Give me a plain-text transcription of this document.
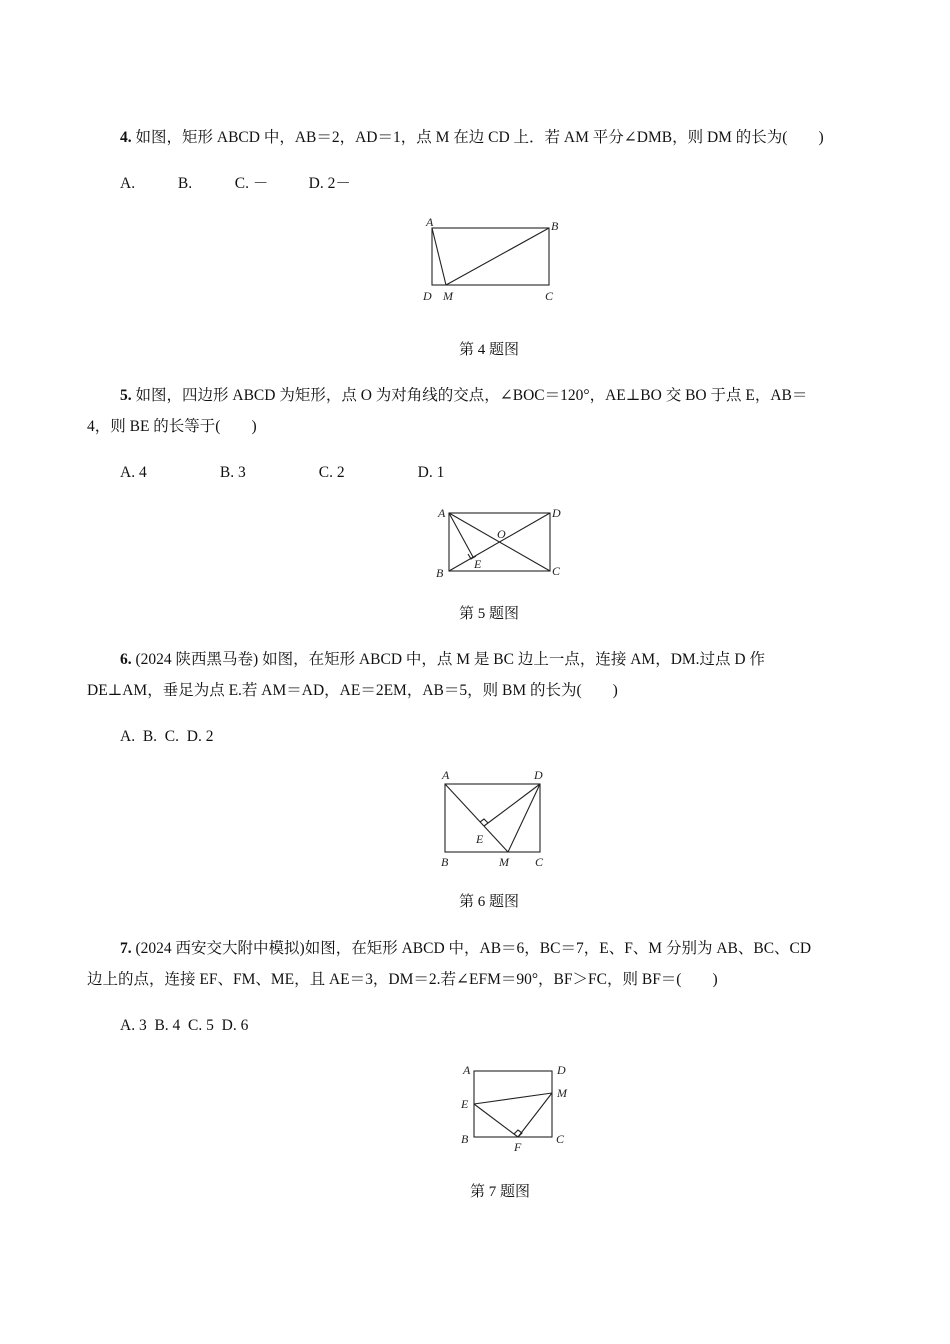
4. 如图，矩形 ABCD 中，AB＝2，AD＝1，点 M 在边 CD 上．若 AM 平分∠DMB，则 DM 的长为(　　)
A.	B.	C. －	D. 2－
A	B
C
D M
第 4 题图
5. 如图，四边形 ABCD 为矩形，点 O 为对角线的交点，∠BOC＝120°，AE⊥BO 交 BO 于点 E，AB＝
4，则 BE 的长等于(　　)
A. 4	B. 3	C. 2	D. 1
A	D
B	C
O
E
第 5 题图
6. (2024 陕西黑马卷) 如图，在矩形 ABCD 中，点 M 是 BC 边上一点，连接 AM，DM.过点 D 作
DE⊥AM，垂足为点 E.若 AM＝AD，AE＝2EM，AB＝5，则 BM 的长为(　　)
A.  B.  C.  D. 2
A	D
B	C
E
M
第 6 题图
7. (2024 西安交大附中模拟)如图，在矩形 ABCD 中，AB＝6，BC＝7，E、F、M 分别为 AB、BC、CD
边上的点，连接 EF、FM、ME，且 AE＝3，DM＝2.若∠EFM＝90°，BF＞FC，则 BF＝(　　)
A. 3  B. 4  C. 5  D. 6
A	D
M
E
B	C
F
第 7 题图
